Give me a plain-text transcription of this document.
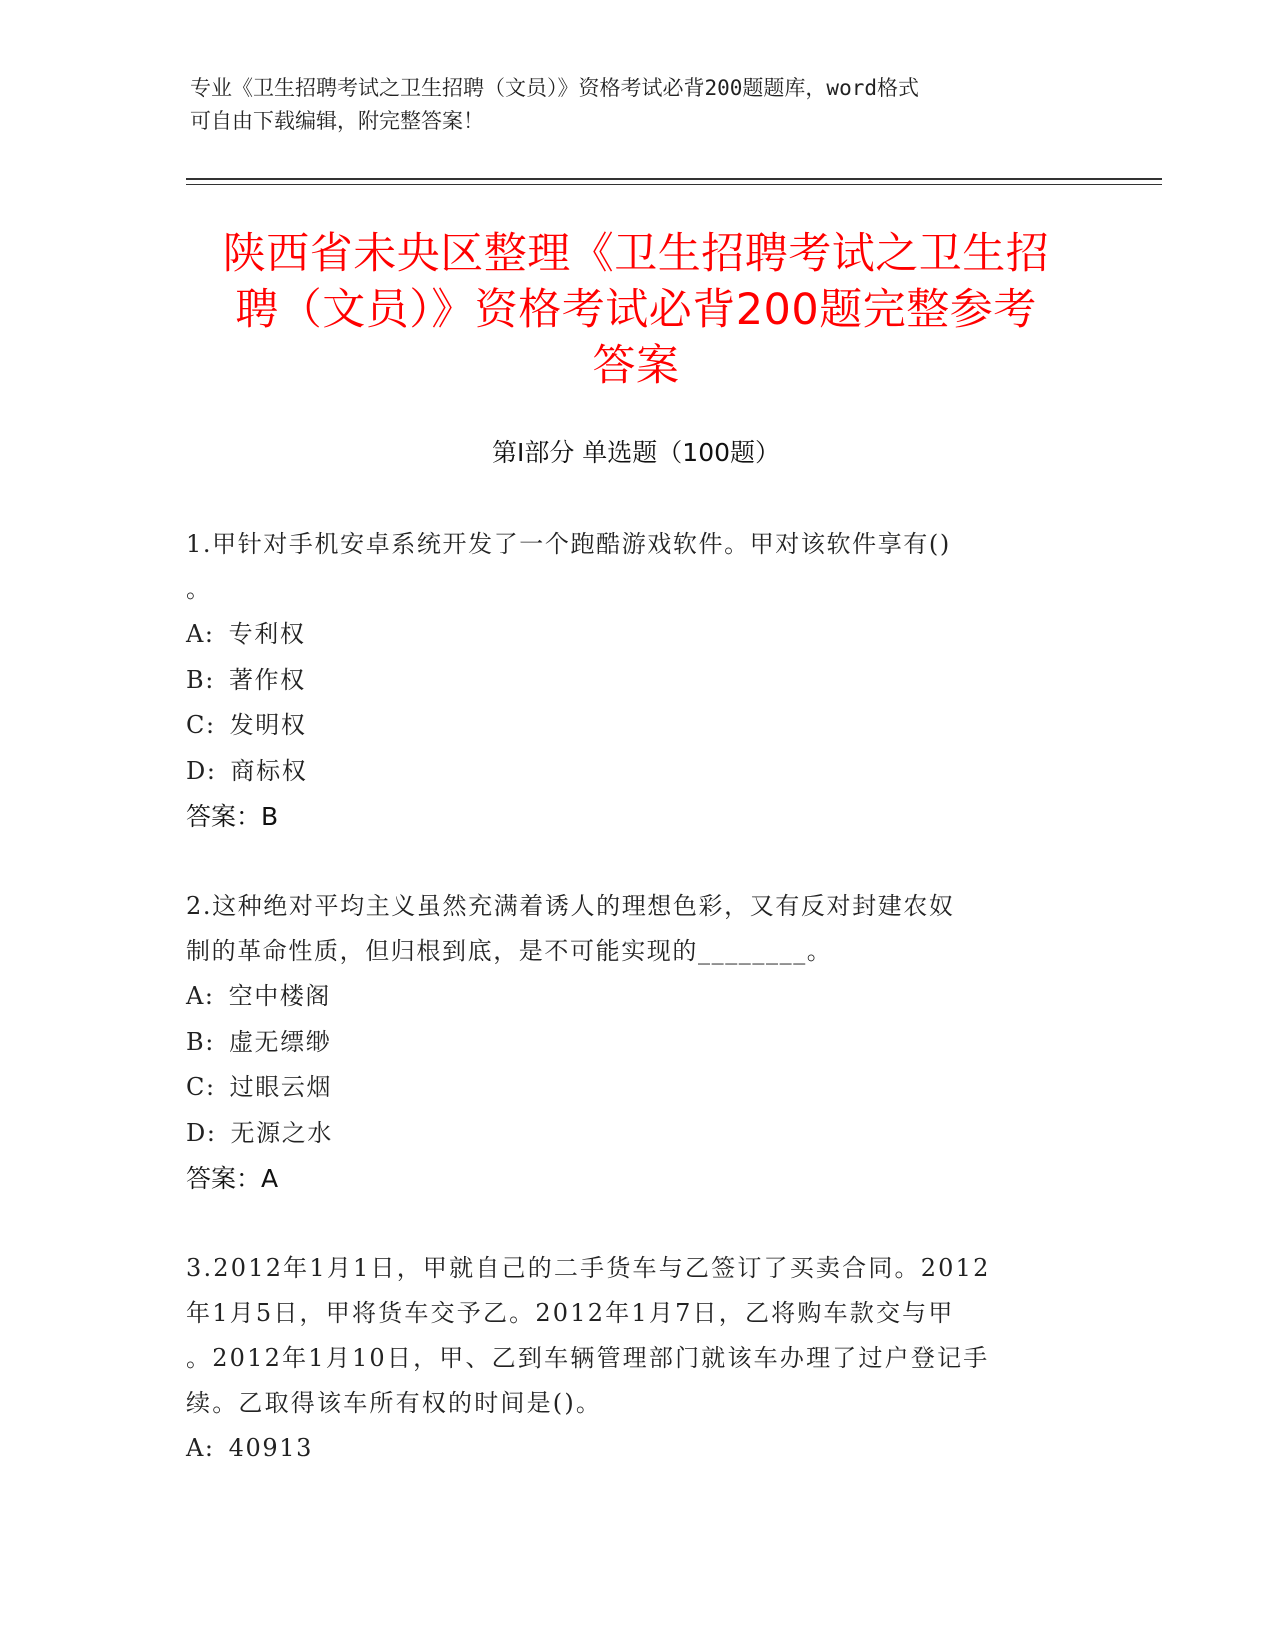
专业《卫生招聘考试之卫生招聘（文员）》资格考试必背200题题库，word格式
可自由下载编辑，附完整答案！
陕西省未央区整理《卫生招聘考试之卫生招
聘（文员）》资格考试必背200题完整参考
答案
第Ⅰ部分 单选题（100题）
1.甲针对手机安卓系统开发了一个跑酷游戏软件。甲对该软件享有()
。
A: 专利权
B: 著作权
C: 发明权
D: 商标权
答案：B
2.这种绝对平均主义虽然充满着诱人的理想色彩，又有反对封建农奴
制的革命性质，但归根到底，是不可能实现的________。
A: 空中楼阁
B: 虚无缥缈
C: 过眼云烟
D: 无源之水
答案：A
3.2012年1月1日，甲就自己的二手货车与乙签订了买卖合同。2012
年1月5日，甲将货车交予乙。2012年1月7日，乙将购车款交与甲
。2012年1月10日，甲、乙到车辆管理部门就该车办理了过户登记手
续。乙取得该车所有权的时间是()。
A: 40913
